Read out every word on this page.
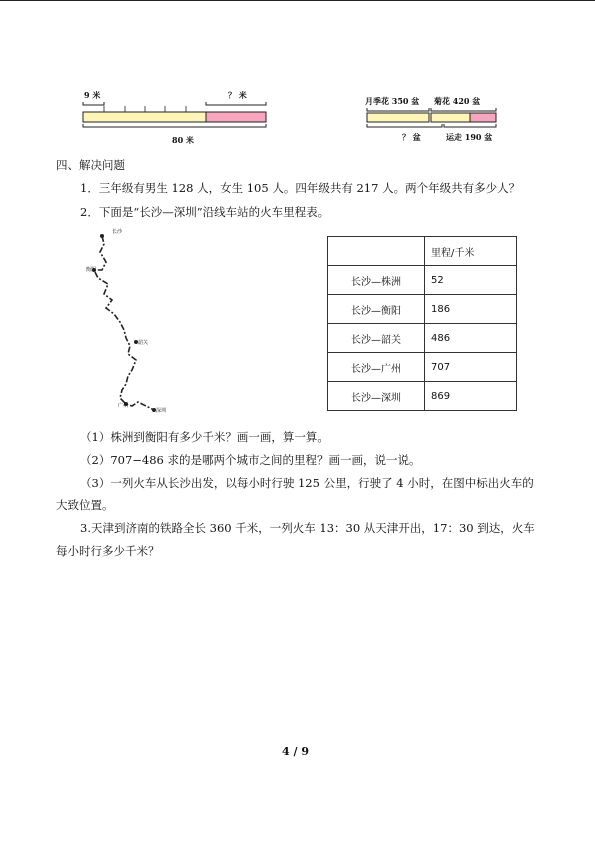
9 米	？ 米
80 米
月季花 350 盆 菊花 420 盆
？ 盆	运走 190 盆
四、解决问题
1．三年级有男生 128 人，女生 105 人。四年级共有 217 人。两个年级共有多少人？
2．下面是“长沙—深圳”沿线车站的火车里程表。
长沙
衡阳
韶关
广州
深圳
	里程/千米
长沙—株洲	52
长沙—衡阳	186
长沙—韶关	486
长沙—广州	707
长沙—深圳	869
（1）株洲到衡阳有多少千米？画一画，算一算。
（2）707−486 求的是哪两个城市之间的里程？画一画，说一说。
（3）一列火车从长沙出发，以每小时行驶 125 公里，行驶了 4 小时，在图中标出火车的
大致位置。
3.天津到济南的铁路全长 360 千米，一列火车 13：30 从天津开出，17：30 到达，火车
每小时行多少千米？
4 / 9
